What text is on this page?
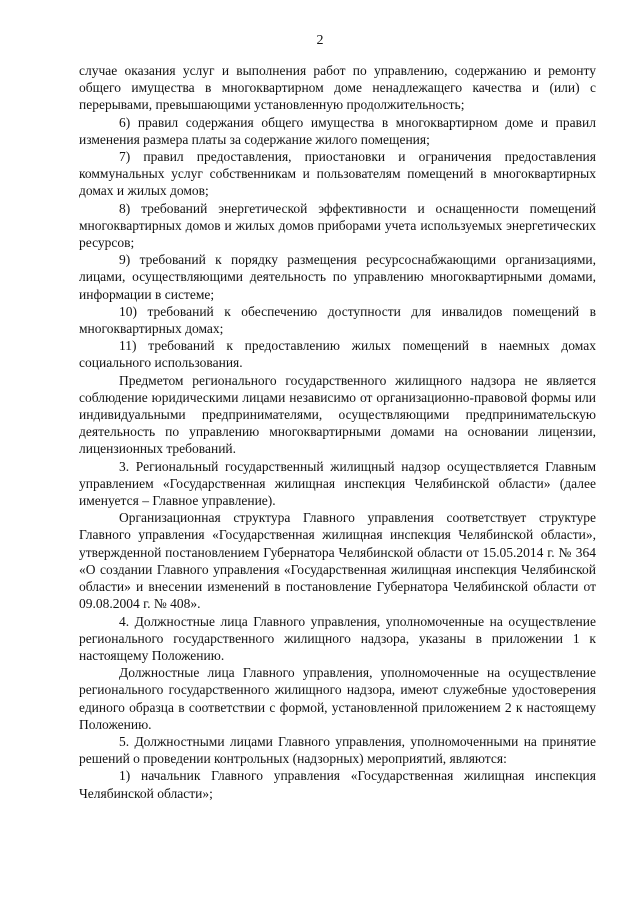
2

случае оказания услуг и выполнения работ по управлению, содержанию и ремонту общего имущества в многоквартирном доме ненадлежащего качества и (или) с перерывами, превышающими установленную продолжительность;

6) правил содержания общего имущества в многоквартирном доме и правил изменения размера платы за содержание жилого помещения;

7) правил предоставления, приостановки и ограничения предоставления коммунальных услуг собственникам и пользователям помещений в многоквартирных домах и жилых домов;

8) требований энергетической эффективности и оснащенности помещений многоквартирных домов и жилых домов приборами учета используемых энергетических ресурсов;

9) требований к порядку размещения ресурсоснабжающими организациями, лицами, осуществляющими деятельность по управлению многоквартирными домами, информации в системе;

10) требований к обеспечению доступности для инвалидов помещений в многоквартирных домах;

11) требований к предоставлению жилых помещений в наемных домах социального использования.

Предметом регионального государственного жилищного надзора не является соблюдение юридическими лицами независимо от организационно-правовой формы или индивидуальными предпринимателями, осуществляющими предпринимательскую деятельность по управлению многоквартирными домами на основании лицензии, лицензионных требований.

3. Региональный государственный жилищный надзор осуществляется Главным управлением «Государственная жилищная инспекция Челябинской области» (далее именуется – Главное управление).

Организационная структура Главного управления соответствует структуре Главного управления «Государственная жилищная инспекция Челябинской области», утвержденной постановлением Губернатора Челябинской области от 15.05.2014 г. № 364 «О создании Главного управления «Государственная жилищная инспекция Челябинской области» и внесении изменений в постановление Губернатора Челябинской области от 09.08.2004 г. № 408».

4. Должностные лица Главного управления, уполномоченные на осуществление регионального государственного жилищного надзора, указаны в приложении 1 к настоящему Положению.

Должностные лица Главного управления, уполномоченные на осуществление регионального государственного жилищного надзора, имеют служебные удостоверения единого образца в соответствии с формой, установленной приложением 2 к настоящему Положению.

5. Должностными лицами Главного управления, уполномоченными на принятие решений о проведении контрольных (надзорных) мероприятий, являются:

1) начальник Главного управления «Государственная жилищная инспекция Челябинской области»;
